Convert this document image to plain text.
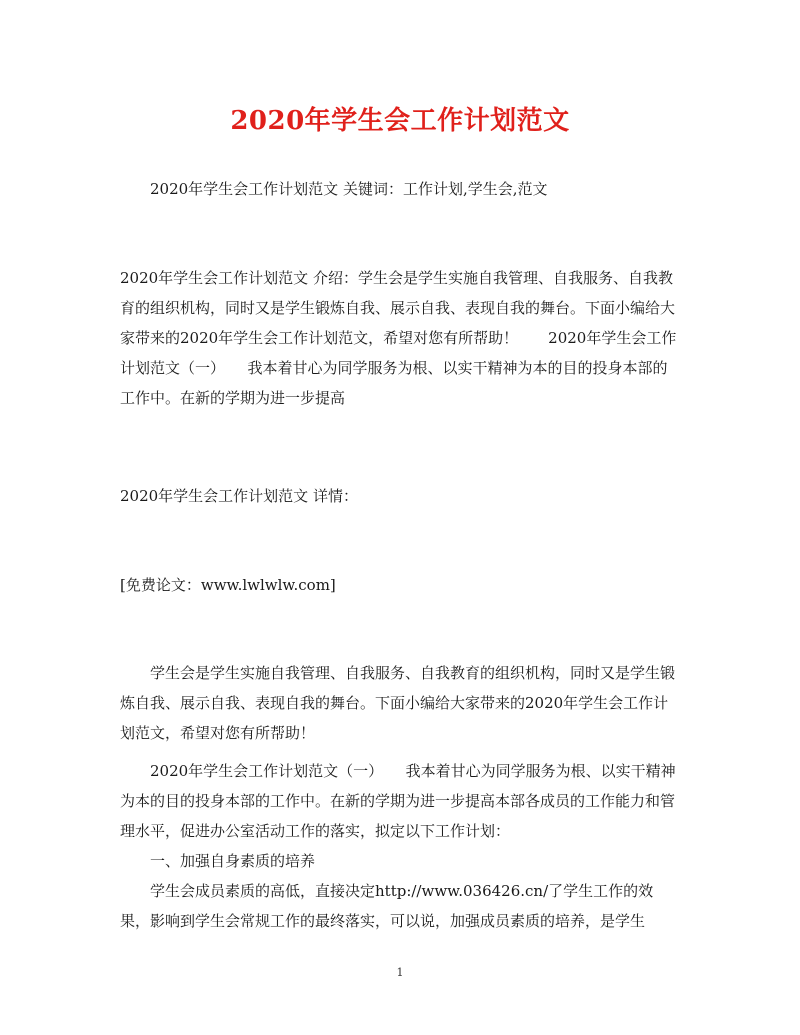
2020年学生会工作计划范文

2020年学生会工作计划范文 关键词：工作计划,学生会,范文

2020年学生会工作计划范文 介绍：学生会是学生实施自我管理、自我服务、自我教育的组织机构，同时又是学生锻炼自我、展示自我、表现自我的舞台。下面小编给大家带来的2020年学生会工作计划范文，希望对您有所帮助！　　2020年学生会工作计划范文（一）　　我本着甘心为同学服务为根、以实干精神为本的目的投身本部的工作中。在新的学期为进一步提高

2020年学生会工作计划范文 详情：

[免费论文：www.lwlwlw.com]

学生会是学生实施自我管理、自我服务、自我教育的组织机构，同时又是学生锻炼自我、展示自我、表现自我的舞台。下面小编给大家带来的2020年学生会工作计划范文，希望对您有所帮助！

2020年学生会工作计划范文（一）　　我本着甘心为同学服务为根、以实干精神为本的目的投身本部的工作中。在新的学期为进一步提高本部各成员的工作能力和管理水平，促进办公室活动工作的落实，拟定以下工作计划：

一、加强自身素质的培养

学生会成员素质的高低，直接决定http://www.036426.cn/了学生工作的效果，影响到学生会常规工作的最终落实，可以说，加强成员素质的培养，是学生

1
